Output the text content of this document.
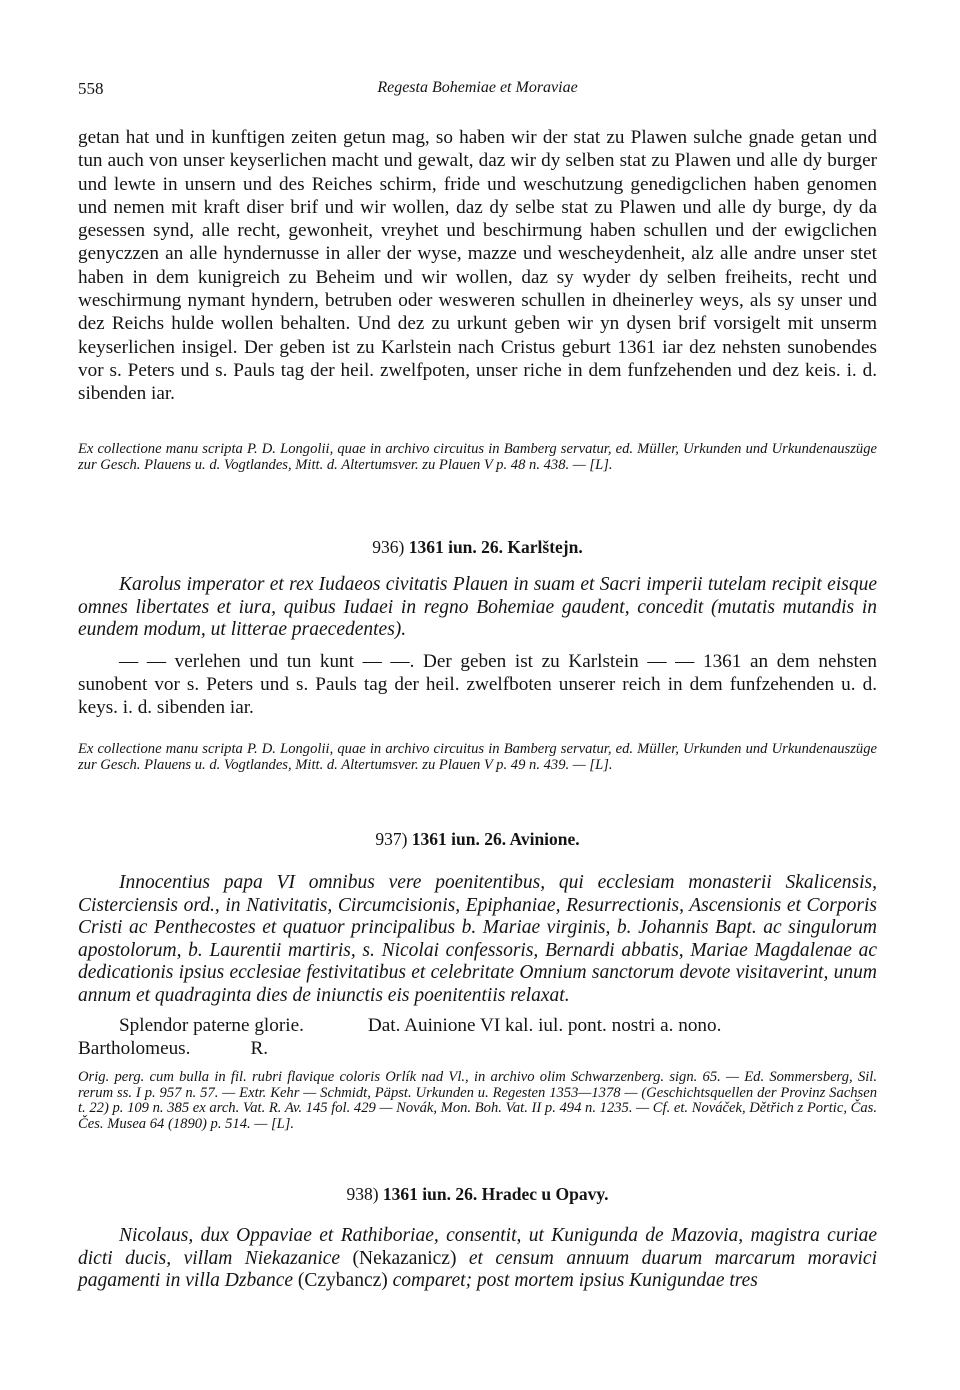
558	Regesta Bohemiae et Moraviae

getan hat und in kunftigen zeiten getun mag, so haben wir der stat zu Plawen sulche gnade getan und tun auch von unser keyserlichen macht und gewalt, daz wir dy selben stat zu Plawen und alle dy burger und lewte in unsern und des Reiches schirm, fride und weschutzung genedigclichen haben genomen und nemen mit kraft diser brif und wir wollen, daz dy selbe stat zu Plawen und alle dy burge, dy da gesessen synd, alle recht, gewonheit, vreyhet und beschirmung haben schullen und der ewigclichen genyczzen an alle hyndernusse in aller der wyse, mazze und wescheydenheit, alz alle andre unser stet haben in dem kunigreich zu Beheim und wir wollen, daz sy wyder dy selben freiheits, recht und weschirmung nymant hyndern, betruben oder wesweren schullen in dheinerley weys, als sy unser und dez Reichs hulde wollen behalten. Und dez zu urkunt geben wir yn dysen brif vorsigelt mit unserm keyserlichen insigel. Der geben ist zu Karlstein nach Cristus geburt 1361 iar dez nehsten sunobendes vor s. Peters und s. Pauls tag der heil. zwelfpoten, unser riche in dem funfzehenden und dez keis. i. d. sibenden iar.

Ex collectione manu scripta P. D. Longolii, quae in archivo circuitus in Bamberg servatur, ed. Müller, Urkunden und Urkundenauszüge zur Gesch. Plauens u. d. Vogtlandes, Mitt. d. Altertumsver. zu Plauen V p. 48 n. 438. — [L].

936) 1361 iun. 26. Karlštejn.

Karolus imperator et rex Iudaeos civitatis Plauen in suam et Sacri imperii tutelam recipit eisque omnes libertates et iura, quibus Iudaei in regno Bohemiae gaudent, concedit (mutatis mutandis in eundem modum, ut litterae praecedentes).

— — verlehen und tun kunt — —. Der geben ist zu Karlstein — — 1361 an dem nehsten sunobent vor s. Peters und s. Pauls tag der heil. zwelfboten unserer reich in dem funfzehenden u. d. keys. i. d. sibenden iar.

Ex collectione manu scripta P. D. Longolii, quae in archivo circuitus in Bamberg servatur, ed. Müller, Urkunden und Urkundenauszüge zur Gesch. Plauens u. d. Vogtlandes, Mitt. d. Altertumsver. zu Plauen V p. 49 n. 439. — [L].

937) 1361 iun. 26. Avinione.

Innocentius papa VI omnibus vere poenitentibus, qui ecclesiam monasterii Skalicensis, Cisterciensis ord., in Nativitatis, Circumcisionis, Epiphaniae, Resurrectionis, Ascensionis et Corporis Cristi ac Penthecostes et quatuor principalibus b. Mariae virginis, b. Johannis Bapt. ac singulorum apostolorum, b. Laurentii martiris, s. Nicolai confessoris, Bernardi abbatis, Mariae Magdalenae ac dedicationis ipsius ecclesiae festivitatibus et celebritate Omnium sanctorum devote visitaverint, unum annum et quadraginta dies de iniunctis eis poenitentiis relaxat.

Splendor paterne glorie.	Dat. Auinione VI kal. iul. pont. nostri a. nono.

Bartholomeus.	R.

Orig. perg. cum bulla in fil. rubri flavique coloris Orlík nad Vl., in archivo olim Schwarzenberg. sign. 65. — Ed. Sommersberg, Sil. rerum ss. I p. 957 n. 57. — Extr. Kehr — Schmidt, Päpst. Urkunden u. Regesten 1353—1378 — (Geschichtsquellen der Provinz Sachsen t. 22) p. 109 n. 385 ex arch. Vat. R. Av. 145 fol. 429 — Novák, Mon. Boh. Vat. II p. 494 n. 1235. — Cf. et. Nováček, Dětřich z Portic, Čas. Čes. Musea 64 (1890) p. 514. — [L].

938) 1361 iun. 26. Hradec u Opavy.

Nicolaus, dux Oppaviae et Rathiboriae, consentit, ut Kunigunda de Mazovia, magistra curiae dicti ducis, villam Niekazanice (Nekazanicz) et censum annuum duarum marcarum moravici pagamenti in villa Dzbance (Czybancz) comparet; post mortem ipsius Kunigundae tres
